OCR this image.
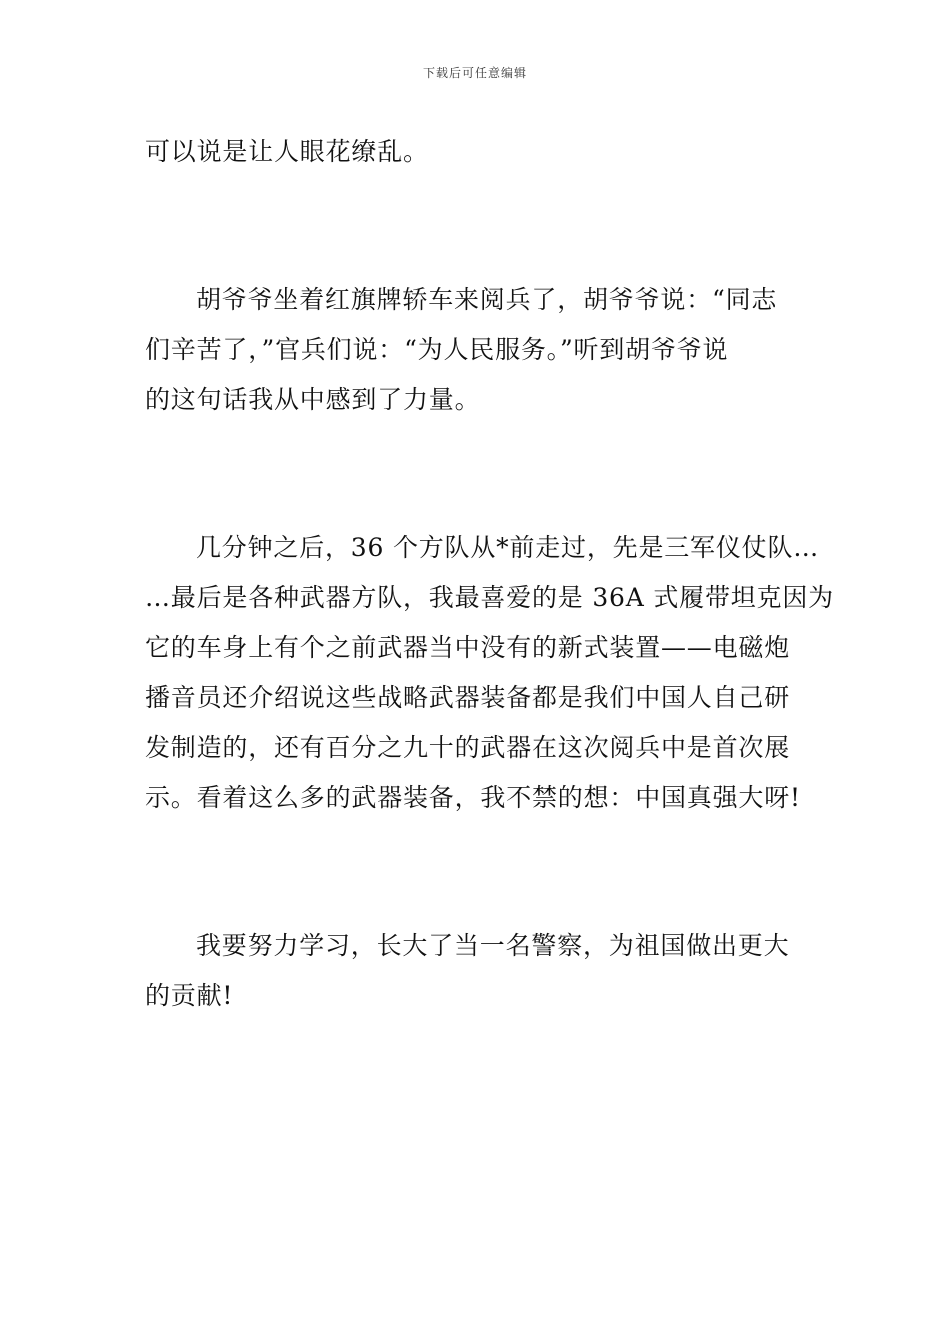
下载后可任意编辑
可以说是让人眼花缭乱。
胡爷爷坐着红旗牌轿车来阅兵了，胡爷爷说：“同志
们辛苦了，”官兵们说：“为人民服务。”听到胡爷爷说
的这句话我从中感到了力量。
几分钟之后，36 个方队从*前走过，先是三军仪仗队…
…最后是各种武器方队，我最喜爱的是 36A 式履带坦克因为
它的车身上有个之前武器当中没有的新式装置——电磁炮
播音员还介绍说这些战略武器装备都是我们中国人自己研
发制造的，还有百分之九十的武器在这次阅兵中是首次展
示。看着这么多的武器装备，我不禁的想：中国真强大呀!
我要努力学习，长大了当一名警察，为祖国做出更大
的贡献!
